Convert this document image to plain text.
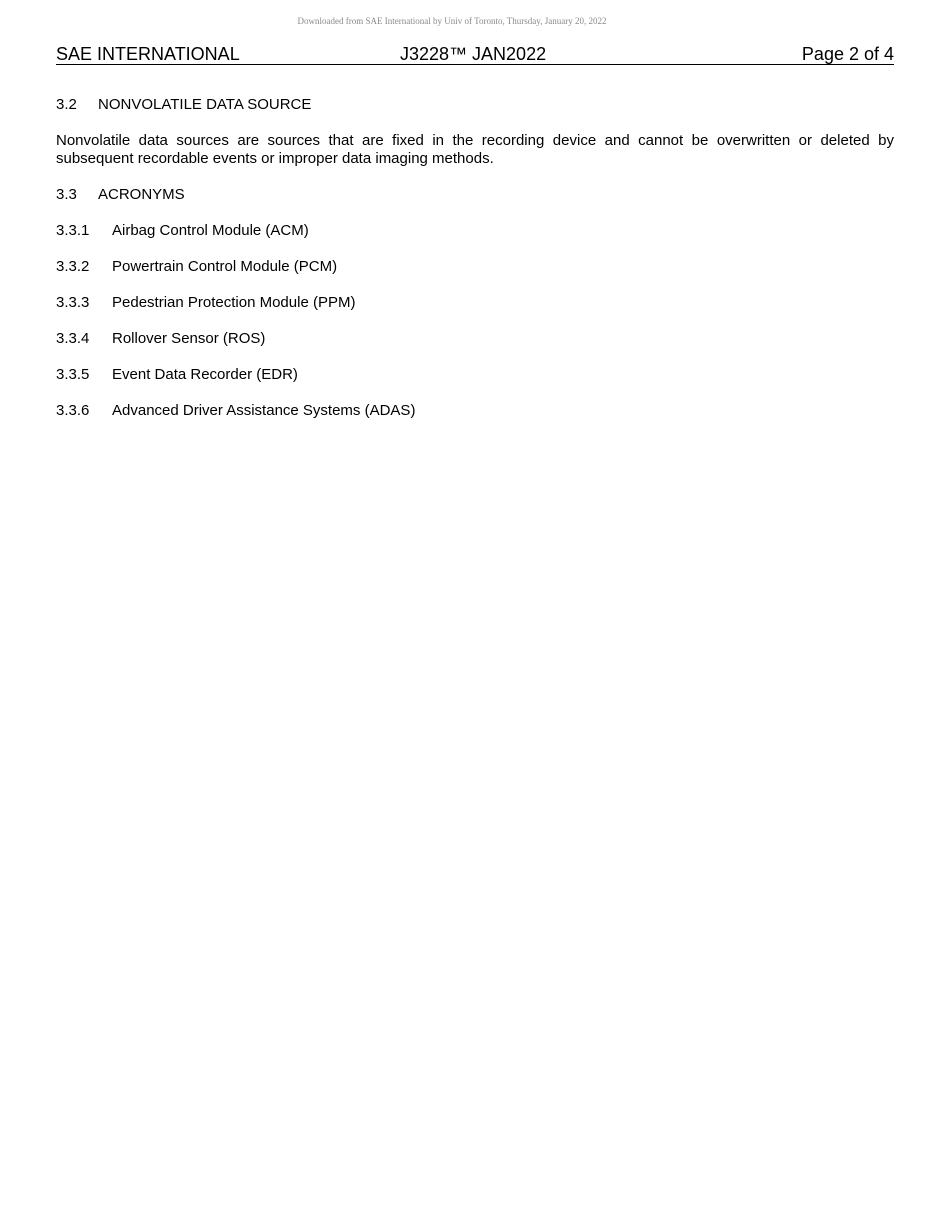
Downloaded from SAE International by Univ of Toronto, Thursday, January 20, 2022
SAE INTERNATIONAL	J3228™ JAN2022	Page 2 of 4
3.2	NONVOLATILE DATA SOURCE

Nonvolatile data sources are sources that are fixed in the recording device and cannot be overwritten or deleted by subsequent recordable events or improper data imaging methods.

3.3	ACRONYMS
3.3.1	Airbag Control Module (ACM)
3.3.2	Powertrain Control Module (PCM)
3.3.3	Pedestrian Protection Module (PPM)
3.3.4	Rollover Sensor (ROS)
3.3.5	Event Data Recorder (EDR)
3.3.6	Advanced Driver Assistance Systems (ADAS)
